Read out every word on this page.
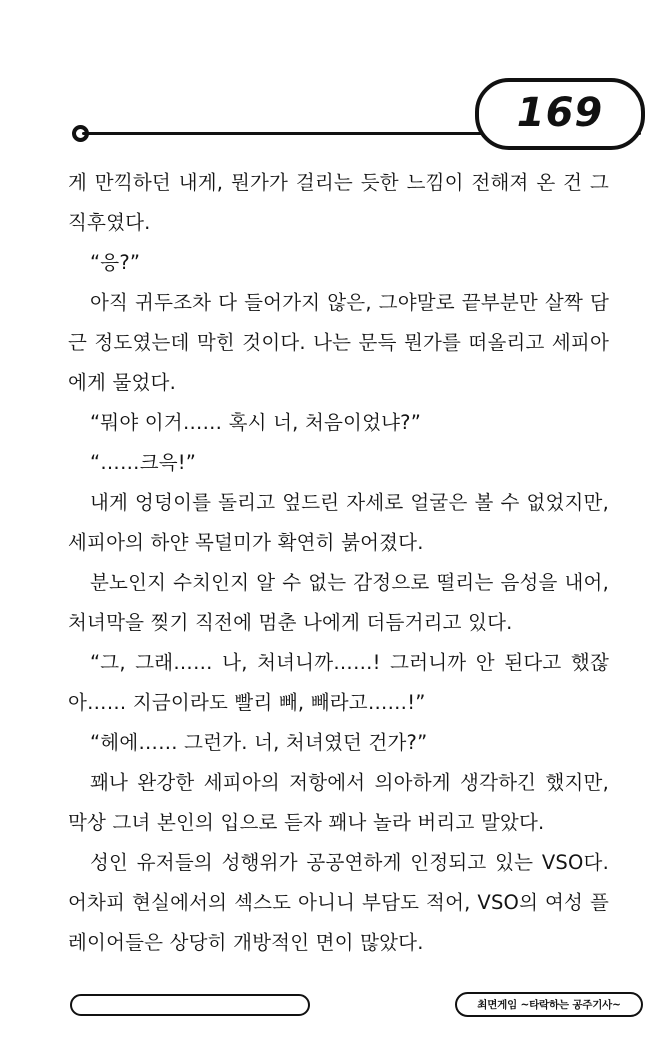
169

게 만끽하던 내게, 뭔가가 걸리는 듯한 느낌이 전해져 온 건 그 직후였다.

“응?”

아직 귀두조차 다 들어가지 않은, 그야말로 끝부분만 살짝 담근 정도였는데 막힌 것이다. 나는 문득 뭔가를 떠올리고 세피아에게 물었다.

“뭐야 이거…… 혹시 너, 처음이었냐?”

“……크윽!”

내게 엉덩이를 돌리고 엎드린 자세로 얼굴은 볼 수 없었지만, 세피아의 하얀 목덜미가 확연히 붉어졌다.

분노인지 수치인지 알 수 없는 감정으로 떨리는 음성을 내어, 처녀막을 찢기 직전에 멈춘 나에게 더듬거리고 있다.

“그, 그래…… 나, 처녀니까……! 그러니까 안 된다고 했잖아…… 지금이라도 빨리 빼, 빼라고……!”

“헤에…… 그런가. 너, 처녀였던 건가?”

꽤나 완강한 세피아의 저항에서 의아하게 생각하긴 했지만, 막상 그녀 본인의 입으로 듣자 꽤나 놀라 버리고 말았다.

성인 유저들의 성행위가 공공연하게 인정되고 있는 VSO다. 어차피 현실에서의 섹스도 아니니 부담도 적어, VSO의 여성 플레이어들은 상당히 개방적인 면이 많았다.

최면게임 ~타락하는 공주기사~
